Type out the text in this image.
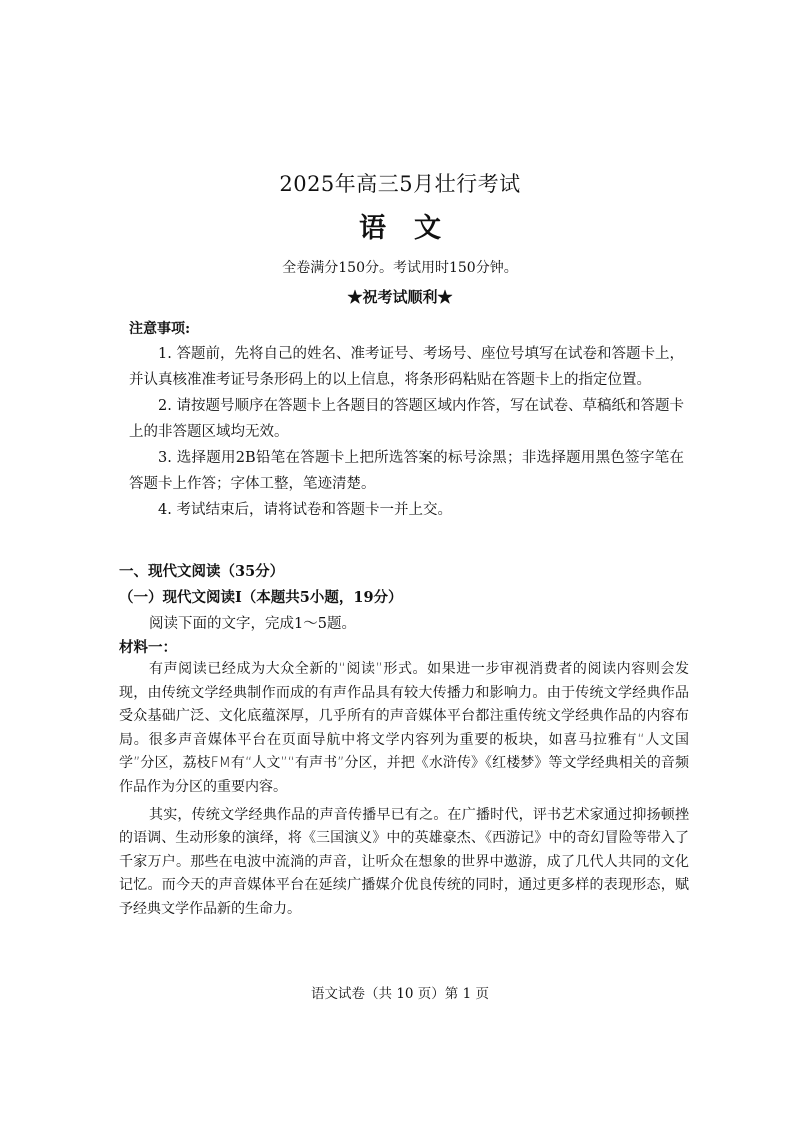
2025年高三5月壮行考试
语文
全卷满分150分。考试用时150分钟。
★祝考试顺利★
注意事项:

1. 答题前，先将自己的姓名、准考证号、考场号、座位号填写在试卷和答题卡上，并认真核准准考证号条形码上的以上信息，将条形码粘贴在答题卡上的指定位置。

2. 请按题号顺序在答题卡上各题目的答题区域内作答，写在试卷、草稿纸和答题卡上的非答题区域均无效。

3. 选择题用2B铅笔在答题卡上把所选答案的标号涂黑；非选择题用黑色签字笔在答题卡上作答；字体工整，笔迹清楚。

4. 考试结束后，请将试卷和答题卡一并上交。

一、现代文阅读（35分）
（一）现代文阅读Ⅰ（本题共5小题，19分）
阅读下面的文字，完成1～5题。
材料一：

有声阅读已经成为大众全新的“阅读”形式。如果进一步审视消费者的阅读内容则会发现，由传统文学经典制作而成的有声作品具有较大传播力和影响力。由于传统文学经典作品受众基础广泛、文化底蕴深厚，几乎所有的声音媒体平台都注重传统文学经典作品的内容布局。很多声音媒体平台在页面导航中将文学内容列为重要的板块，如喜马拉雅有“人文国学”分区，荔枝FM有“人文”“有声书”分区，并把《水浒传》《红楼梦》等文学经典相关的音频作品作为分区的重要内容。

其实，传统文学经典作品的声音传播早已有之。在广播时代，评书艺术家通过抑扬顿挫的语调、生动形象的演绎，将《三国演义》中的英雄豪杰、《西游记》中的奇幻冒险等带入了千家万户。那些在电波中流淌的声音，让听众在想象的世界中遨游，成了几代人共同的文化记忆。而今天的声音媒体平台在延续广播媒介优良传统的同时，通过更多样的表现形态，赋予经典文学作品新的生命力。

语文试卷（共 10 页）第 1 页
